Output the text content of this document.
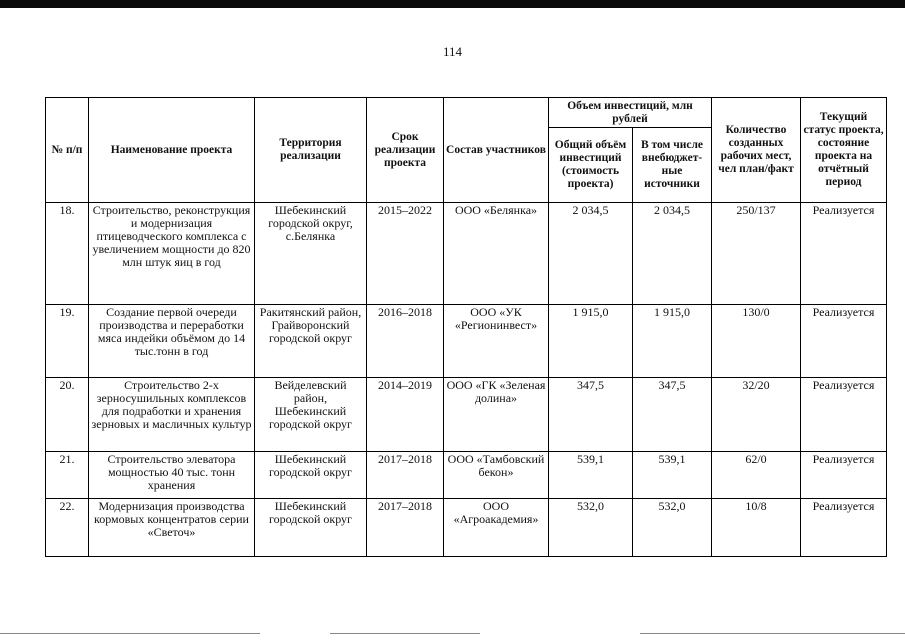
114
№ п/п	Наименование проекта	Территория реализации	Срок реализации проекта	Состав участников	Объем инвестиций, млн рублей		Количество созданных рабочих мест, чел план/факт	Текущий статус проекта, состояние проекта на отчётный период
					Общий объём инвестиций (стоимость проекта)	В том числе внебюджет-ные источники		
18.	Строительство, реконструкция и модернизация птицеводческого комплекса с увеличением мощности до 820 млн штук яиц в год	Шебекинский городской округ, с.Белянка	2015–2022	ООО «Белянка»	2 034,5	2 034,5	250/137	Реализуется
19.	Создание первой очереди производства и переработки мяса индейки объёмом до 14 тыс.тонн в год	Ракитянский район, Грайворонский городской округ	2016–2018	ООО «УК «Регионинвест»	1 915,0	1 915,0	130/0	Реализуется
20.	Строительство 2-х зерносушильных комплексов для подработки и хранения зерновых и масличных культур	Вейделевский район, Шебекинский городской округ	2014–2019	ООО «ГК «Зеленая долина»	347,5	347,5	32/20	Реализуется
21.	Строительство элеватора мощностью 40 тыс. тонн хранения	Шебекинский городской округ	2017–2018	ООО «Тамбовский бекон»	539,1	539,1	62/0	Реализуется
22.	Модернизация производства кормовых концентратов серии «Светоч»	Шебекинский городской округ	2017–2018	ООО «Агроакадемия»	532,0	532,0	10/8	Реализуется
